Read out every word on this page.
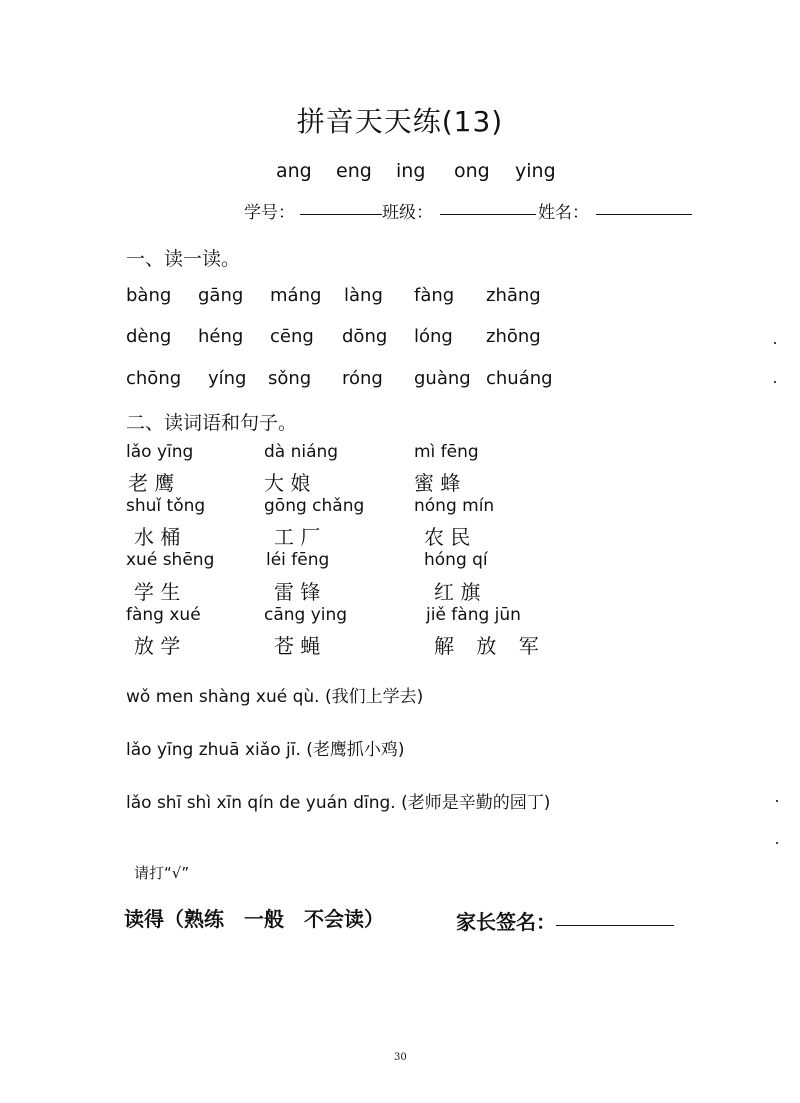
拼音天天练(13)
ang eng ing ong ying
学号：	班级：	姓名：
一、读一读。
bàng gāng máng làng fàng zhāng
dèng héng cēng dōng lóng zhōng
chōng yíng sǒng róng guàng chuáng
二、读词语和句子。
lǎo yīng	dà niáng	mì fēng
老 鹰	大 娘	蜜 蜂
shuǐ tǒng	gōng chǎng	nóng mín
水 桶	工 厂	农 民
xué shēng	léi fēng	hóng qí
学 生	雷 锋	红 旗
fàng xué	cāng ying	jiě fàng jūn
放 学	苍 蝇	解 放 军
wǒ men shàng xué qù. (我们上学去)
lǎo yīng zhuā xiǎo jī. (老鹰抓小鸡)
lǎo shī shì xīn qín de yuán dīng. (老师是辛勤的园丁)
请打“√”
读得（熟练　一般　不会读）	家长签名：
30
